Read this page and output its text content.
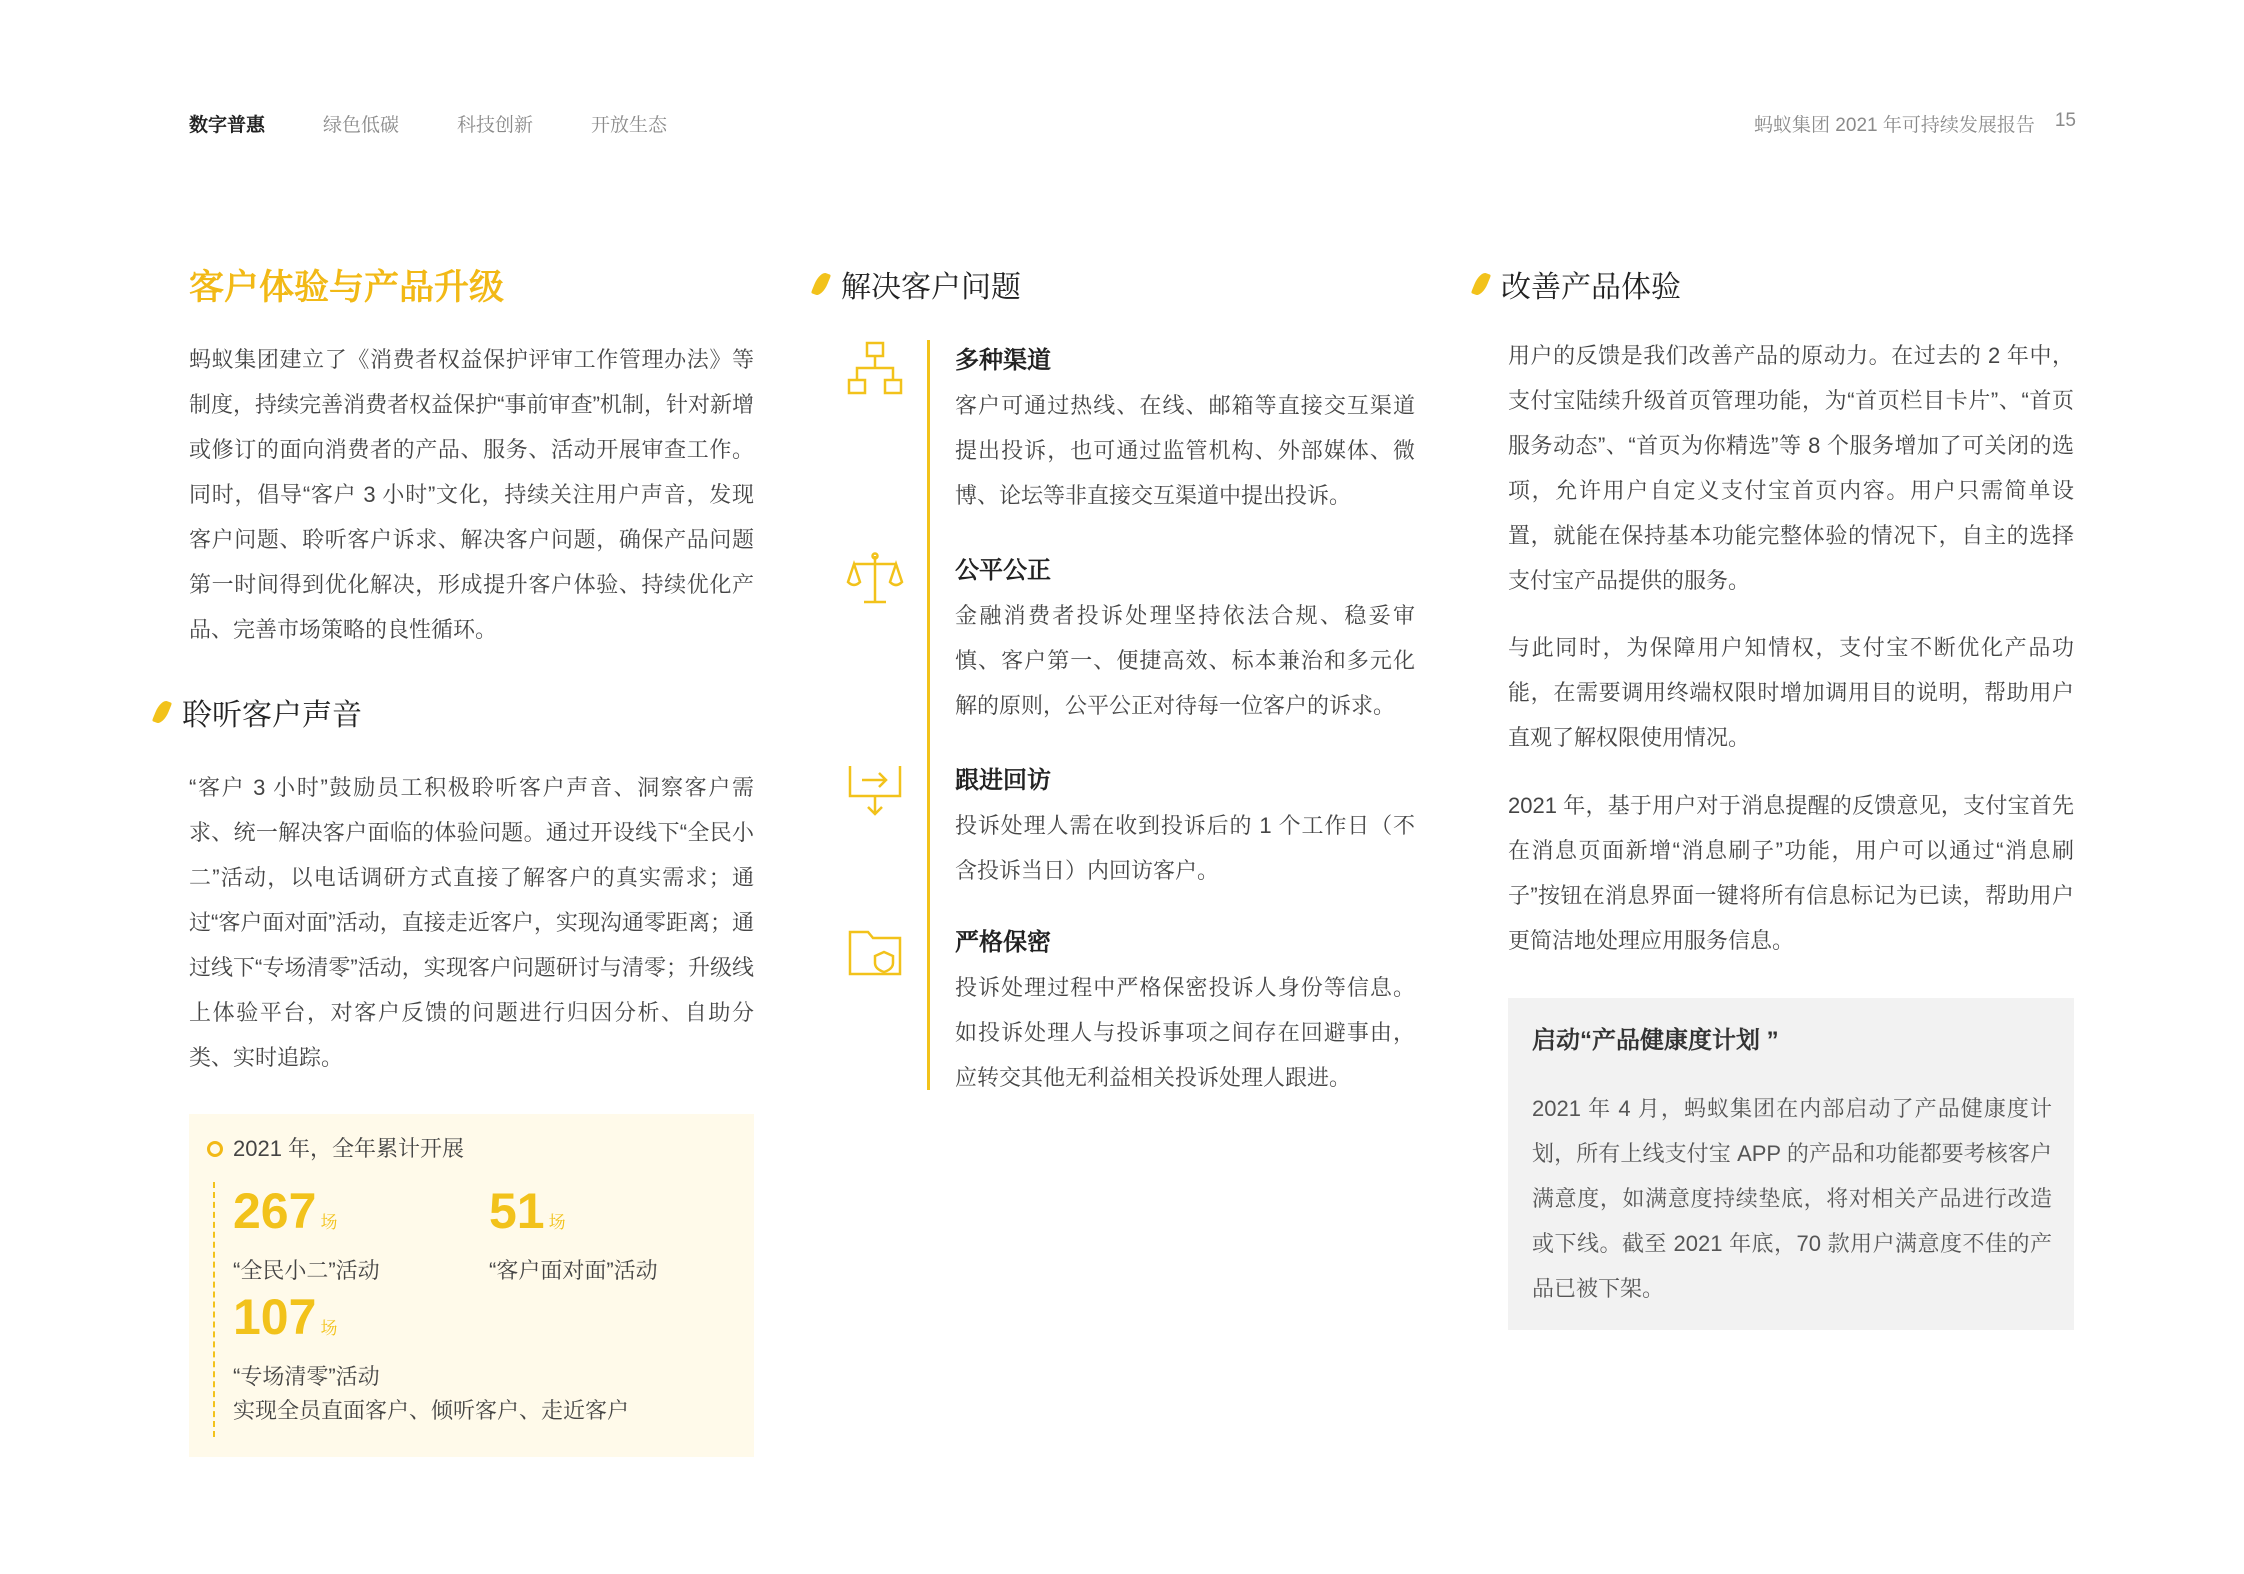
数字普惠	绿色低碳	科技创新	开放生态	蚂蚁集团 2021 年可持续发展报告 15
客户体验与产品升级
蚂蚁集团建立了《消费者权益保护评审工作管理办法》等制度，持续完善消费者权益保护“事前审查”机制，针对新增或修订的面向消费者的产品、服务、活动开展审查工作。同时，倡导“客户 3 小时”文化，持续关注用户声音，发现客户问题、聆听客户诉求、解决客户问题，确保产品问题第一时间得到优化解决，形成提升客户体验、持续优化产品、完善市场策略的良性循环。
聆听客户声音
“客户 3 小时”鼓励员工积极聆听客户声音、洞察客户需求、统一解决客户面临的体验问题。通过开设线下“全民小二”活动，以电话调研方式直接了解客户的真实需求；通过“客户面对面”活动，直接走近客户，实现沟通零距离；通过线下“专场清零”活动，实现客户问题研讨与清零；升级线上体验平台，对客户反馈的问题进行归因分析、自助分类、实时追踪。
2021 年，全年累计开展
267 场
“全民小二”活动
51 场
“客户面对面”活动
107 场
“专场清零”活动
实现全员直面客户、倾听客户、走近客户
解决客户问题
多种渠道
客户可通过热线、在线、邮箱等直接交互渠道提出投诉，也可通过监管机构、外部媒体、微博、论坛等非直接交互渠道中提出投诉。
公平公正
金融消费者投诉处理坚持依法合规、稳妥审慎、客户第一、便捷高效、标本兼治和多元化解的原则，公平公正对待每一位客户的诉求。
跟进回访
投诉处理人需在收到投诉后的 1 个工作日（不含投诉当日）内回访客户。
严格保密
投诉处理过程中严格保密投诉人身份等信息。如投诉处理人与投诉事项之间存在回避事由，应转交其他无利益相关投诉处理人跟进。
改善产品体验
用户的反馈是我们改善产品的原动力。在过去的 2 年中，支付宝陆续升级首页管理功能，为“首页栏目卡片”、“首页服务动态”、“首页为你精选”等 8 个服务增加了可关闭的选项，允许用户自定义支付宝首页内容。用户只需简单设置，就能在保持基本功能完整体验的情况下，自主的选择支付宝产品提供的服务。
与此同时，为保障用户知情权，支付宝不断优化产品功能，在需要调用终端权限时增加调用目的说明，帮助用户直观了解权限使用情况。
2021 年，基于用户对于消息提醒的反馈意见，支付宝首先在消息页面新增“消息刷子”功能，用户可以通过“消息刷子”按钮在消息界面一键将所有信息标记为已读，帮助用户更简洁地处理应用服务信息。
启动“产品健康度计划 ”
2021 年 4 月，蚂蚁集团在内部启动了产品健康度计划，所有上线支付宝 APP 的产品和功能都要考核客户满意度，如满意度持续垫底，将对相关产品进行改造或下线。截至 2021 年底，70 款用户满意度不佳的产品已被下架。
